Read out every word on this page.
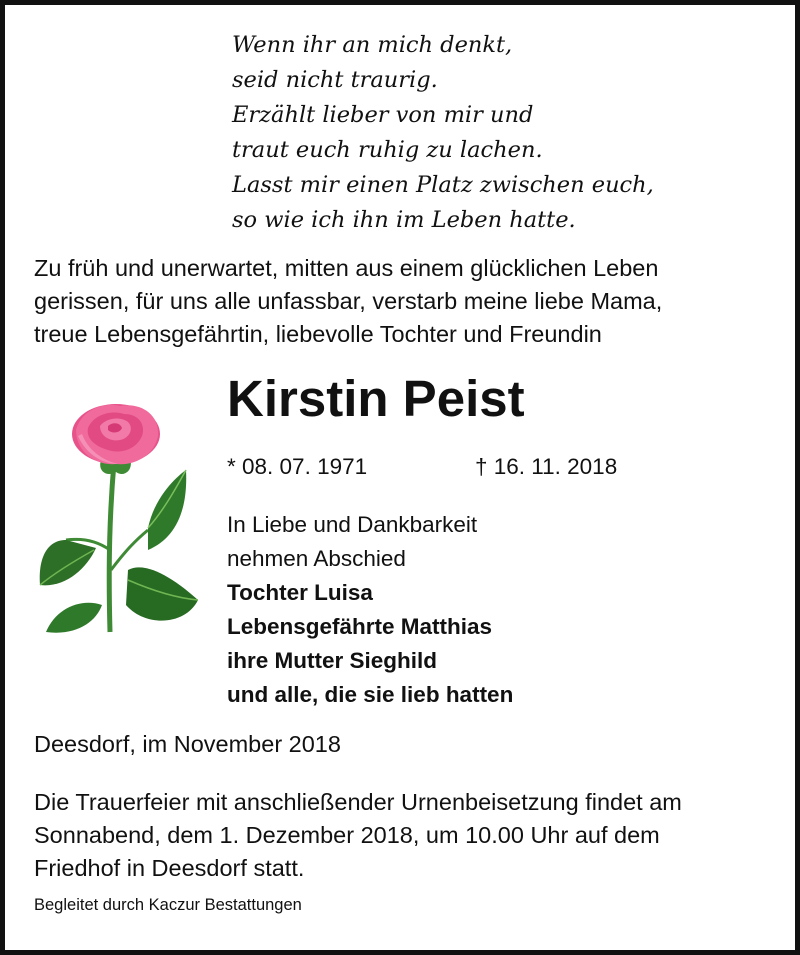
Wenn ihr an mich denkt,
seid nicht traurig.
Erzählt lieber von mir und
traut euch ruhig zu lachen.
Lasst mir einen Platz zwischen euch,
so wie ich ihn im Leben hatte.
Zu früh und unerwartet, mitten aus einem glücklichen Leben
gerissen, für uns alle unfassbar, verstarb meine liebe Mama,
treue Lebensgefährtin, liebevolle Tochter und Freundin
Kirstin Peist
* 08. 07. 1971	† 16. 11. 2018
In Liebe und Dankbarkeit
nehmen Abschied
Tochter Luisa
Lebensgefährte Matthias
ihre Mutter Sieghild
und alle, die sie lieb hatten
Deesdorf, im November 2018
Die Trauerfeier mit anschließender Urnenbeisetzung findet am
Sonnabend, dem 1. Dezember 2018, um 10.00 Uhr auf dem
Friedhof in Deesdorf statt.
Begleitet durch Kaczur Bestattungen
